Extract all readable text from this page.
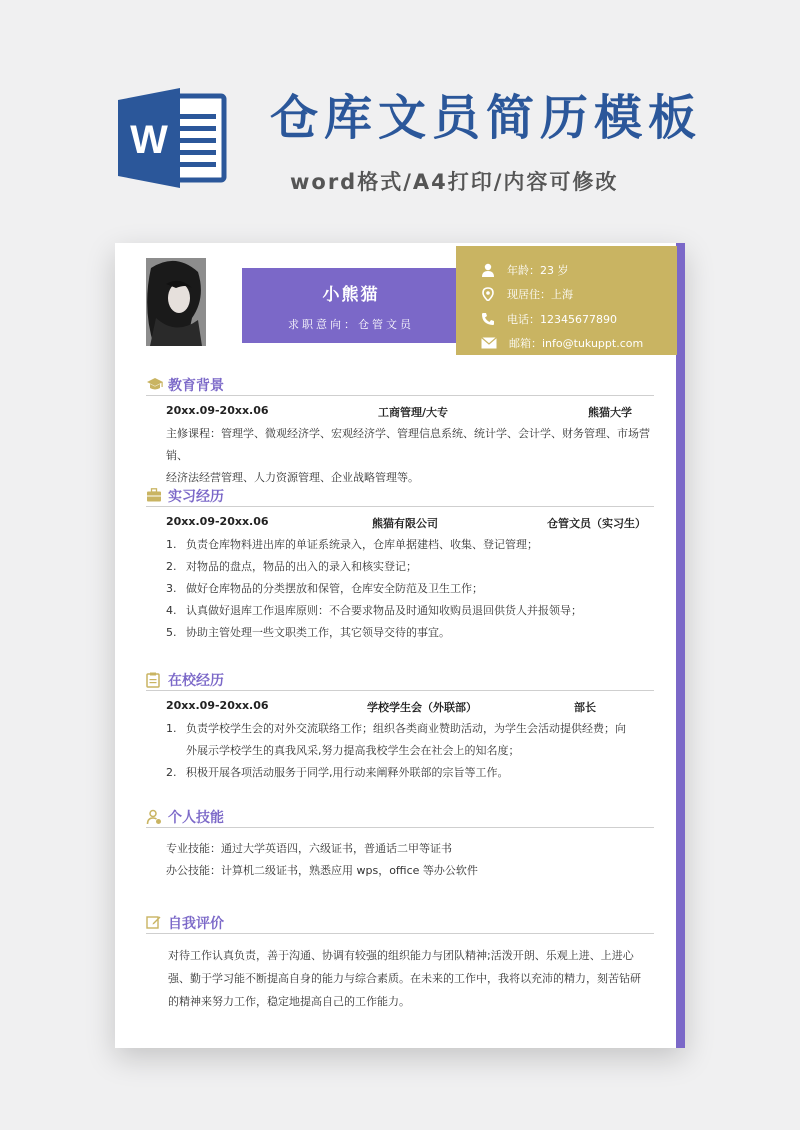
W 仓库文员简历模板
word格式/A4打印/内容可修改
小熊猫
求职意向：仓管文员
年龄：23 岁
现居住：上海
电话：12345677890
邮箱：info@tukuppt.com
教育背景
20xx.09-20xx.06	工商管理/大专	熊猫大学
主修课程：管理学、微观经济学、宏观经济学、管理信息系统、统计学、会计学、财务管理、市场营销、
经济法经营管理、人力资源管理、企业战略管理等。
实习经历
20xx.09-20xx.06	熊猫有限公司	仓管文员（实习生）
1. 负责仓库物料进出库的单证系统录入，仓库单据建档、收集、登记管理；
2. 对物品的盘点，物品的出入的录入和核实登记；
3. 做好仓库物品的分类摆放和保管，仓库安全防范及卫生工作；
4. 认真做好退库工作退库原则：不合要求物品及时通知收购员退回供货人并报领导；
5. 协助主管处理一些文职类工作，其它领导交待的事宜。
在校经历
20xx.09-20xx.06	学校学生会（外联部）	部长
1. 负责学校学生会的对外交流联络工作；组织各类商业赞助活动，为学生会活动提供经费；向外展示学校学生的真我风采,努力提高我校学生会在社会上的知名度；
2. 积极开展各项活动服务于同学,用行动来阐释外联部的宗旨等工作。
个人技能
专业技能：通过大学英语四，六级证书，普通话二甲等证书
办公技能：计算机二级证书，熟悉应用 wps，office 等办公软件
自我评价
对待工作认真负责，善于沟通、协调有较强的组织能力与团队精神;活泼开朗、乐观上进、上进心强、勤于学习能不断提高自身的能力与综合素质。在未来的工作中，我将以充沛的精力，刻苦钻研的精神来努力工作，稳定地提高自己的工作能力。
